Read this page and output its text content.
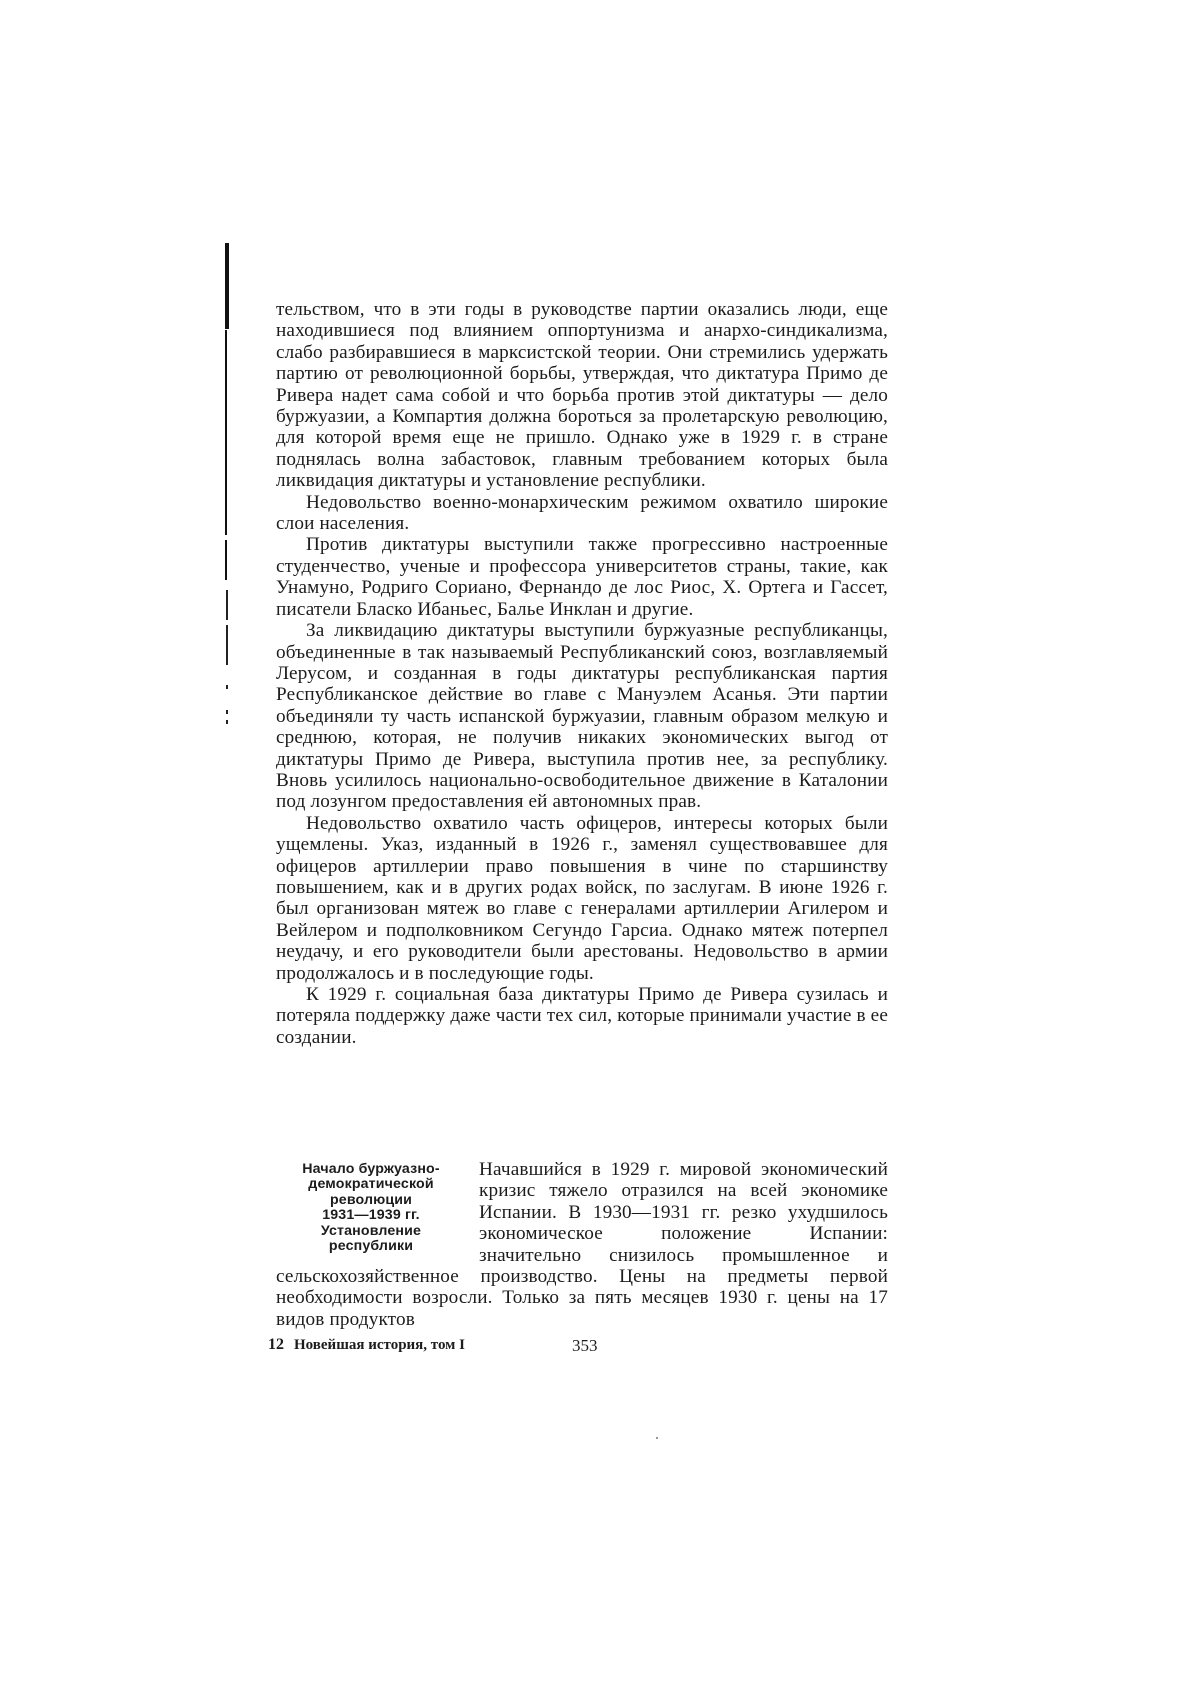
тельством, что в эти годы в руководстве партии оказались люди, еще находившиеся под влиянием оппортунизма и анархо-синдикализма, слабо разбиравшиеся в марксистской теории. Они стремились удержать партию от революционной борьбы, утверждая, что диктатура Примо де Ривера надет сама собой и что борьба против этой диктатуры — дело буржуазии, а Компартия должна бороться за пролетарскую революцию, для которой время еще не пришло. Однако уже в 1929 г. в стране поднялась волна забастовок, главным требованием которых была ликвидация диктатуры и установление республики.

Недовольство военно-монархическим режимом охватило широкие слои населения.

Против диктатуры выступили также прогрессивно настроенные студенчество, ученые и профессора университетов страны, такие, как Унамуно, Родриго Сориано, Фернандо де лос Риос, Х. Ортега и Гассет, писатели Бласко Ибаньес, Балье Инклан и другие.

За ликвидацию диктатуры выступили буржуазные республиканцы, объединенные в так называемый Республиканский союз, возглавляемый Лерусом, и созданная в годы диктатуры республиканская партия Республиканское действие во главе с Мануэлем Асанья. Эти партии объединяли ту часть испанской буржуазии, главным образом мелкую и среднюю, которая, не получив никаких экономических выгод от диктатуры Примо де Ривера, выступила против нее, за республику. Вновь усилилось национально-освободительное движение в Каталонии под лозунгом предоставления ей автономных прав.

Недовольство охватило часть офицеров, интересы которых были ущемлены. Указ, изданный в 1926 г., заменял существовавшее для офицеров артиллерии право повышения в чине по старшинству повышением, как и в других родах войск, по заслугам. В июне 1926 г. был организован мятеж во главе с генералами артиллерии Агилером и Вейлером и подполковником Сегундо Гарсиа. Однако мятеж потерпел неудачу, и его руководители были арестованы. Недовольство в армии продолжалось и в последующие годы.

К 1929 г. социальная база диктатуры Примо де Ривера сузилась и потеряла поддержку даже части тех сил, которые принимали участие в ее создании.

Начало буржуазно-
демократической
революции
1931—1939 гг.
Установление
республики
Начавшийся в 1929 г. мировой экономический кризис тяжело отразился на всей экономике Испании. В 1930—1931 гг. резко ухудшилось экономическое положение Испании: значительно снизилось промышленное и сельскохозяйственное производство. Цены на предметы первой необходимости возросли. Только за пять месяцев 1930 г. цены на 17 видов продуктов
12 Новейшая история, том I	353
